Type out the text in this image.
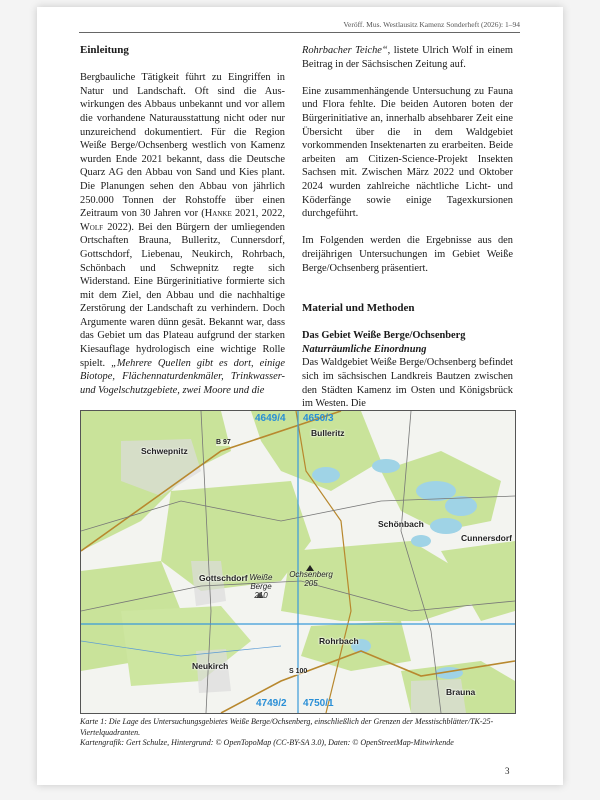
Veröff. Mus. Westlausitz Kamenz Sonderheft (2026): 1–94
Einleitung

Bergbauliche Tätigkeit führt zu Eingriffen in Natur und Landschaft. Oft sind die Auswirkungen des Abbaus unbekannt und vor allem die vorhandene Naturausstattung nicht oder nur unzureichend dokumentiert. Für die Region Weiße Berge/Ochsenberg westlich von Kamenz wurden Ende 2021 bekannt, dass die Deutsche Quarz AG den Abbau von Sand und Kies plant. Die Planungen sehen den Abbau von jährlich 250.000 Tonnen der Rohstoffe über einen Zeitraum von 30 Jahren vor (Hanke 2021, 2022, Wolf 2022). Bei den Bürgern der umliegenden Ortschaften Brauna, Bulleritz, Cunnersdorf, Gottschdorf, Liebenau, Neukirch, Rohrbach, Schönbach und Schwepnitz regte sich Widerstand. Eine Bürgerinitiative formierte sich mit dem Ziel, den Abbau und die nachhaltige Zerstörung der Landschaft zu verhindern. Doch Argumente waren dünn gesät. Bekannt war, dass das Gebiet um das Plateau aufgrund der starken Kiesauflage hydrologisch eine wichtige Rolle spielt. „Mehrere Quellen gibt es dort, einige Biotope, Flächennaturdenkmäler, Trinkwasser- und Vogelschutzgebiete, zwei Moore und die

Rohrbacher Teiche“, listete Ulrich Wolf in einem Beitrag in der Sächsischen Zeitung auf.

Eine zusammenhängende Untersuchung zu Fauna und Flora fehlte. Die beiden Autoren boten der Bürgerinitiative an, innerhalb absehbarer Zeit eine Übersicht über die in dem Waldgebiet vorkommenden Insektenarten zu erarbeiten. Beide arbeiten am Citizen-Science-Projekt Insekten Sachsen mit. Zwischen März 2022 und Oktober 2024 wurden zahlreiche nächtliche Licht- und Köderfänge sowie einige Tagexkursionen durchgeführt.

Im Folgenden werden die Ergebnisse aus den dreijährigen Untersuchungen im Gebiet Weiße Berge/Ochsenberg präsentiert.

Material und Methoden
Das Gebiet Weiße Berge/Ochsenberg
Naturräumliche Einordnung

Das Waldgebiet Weiße Berge/Ochsenberg befindet sich im sächsischen Landkreis Bautzen zwischen den Städten Kamenz im Osten und Königsbrück im Westen. Die

4649/4 4650/3
4749/2 4750/1
Schwepnitz
Bulleritz
Schönbach
Cunnersdorf
Gottschdorf
Rohrbach
Neukirch
Brauna
Weiße Berge
210
Ochsenberg
205
B 97
S 100
Karte 1: Die Lage des Untersuchungsgebietes Weiße Berge/Ochsenberg, einschließlich der Grenzen der Messtischblätter/TK-25-Viertelquadranten.
Kartengrafik: Gert Schulze, Hintergrund: © OpenTopoMap (CC-BY-SA 3.0), Daten: © OpenStreetMap-Mitwirkende
3
